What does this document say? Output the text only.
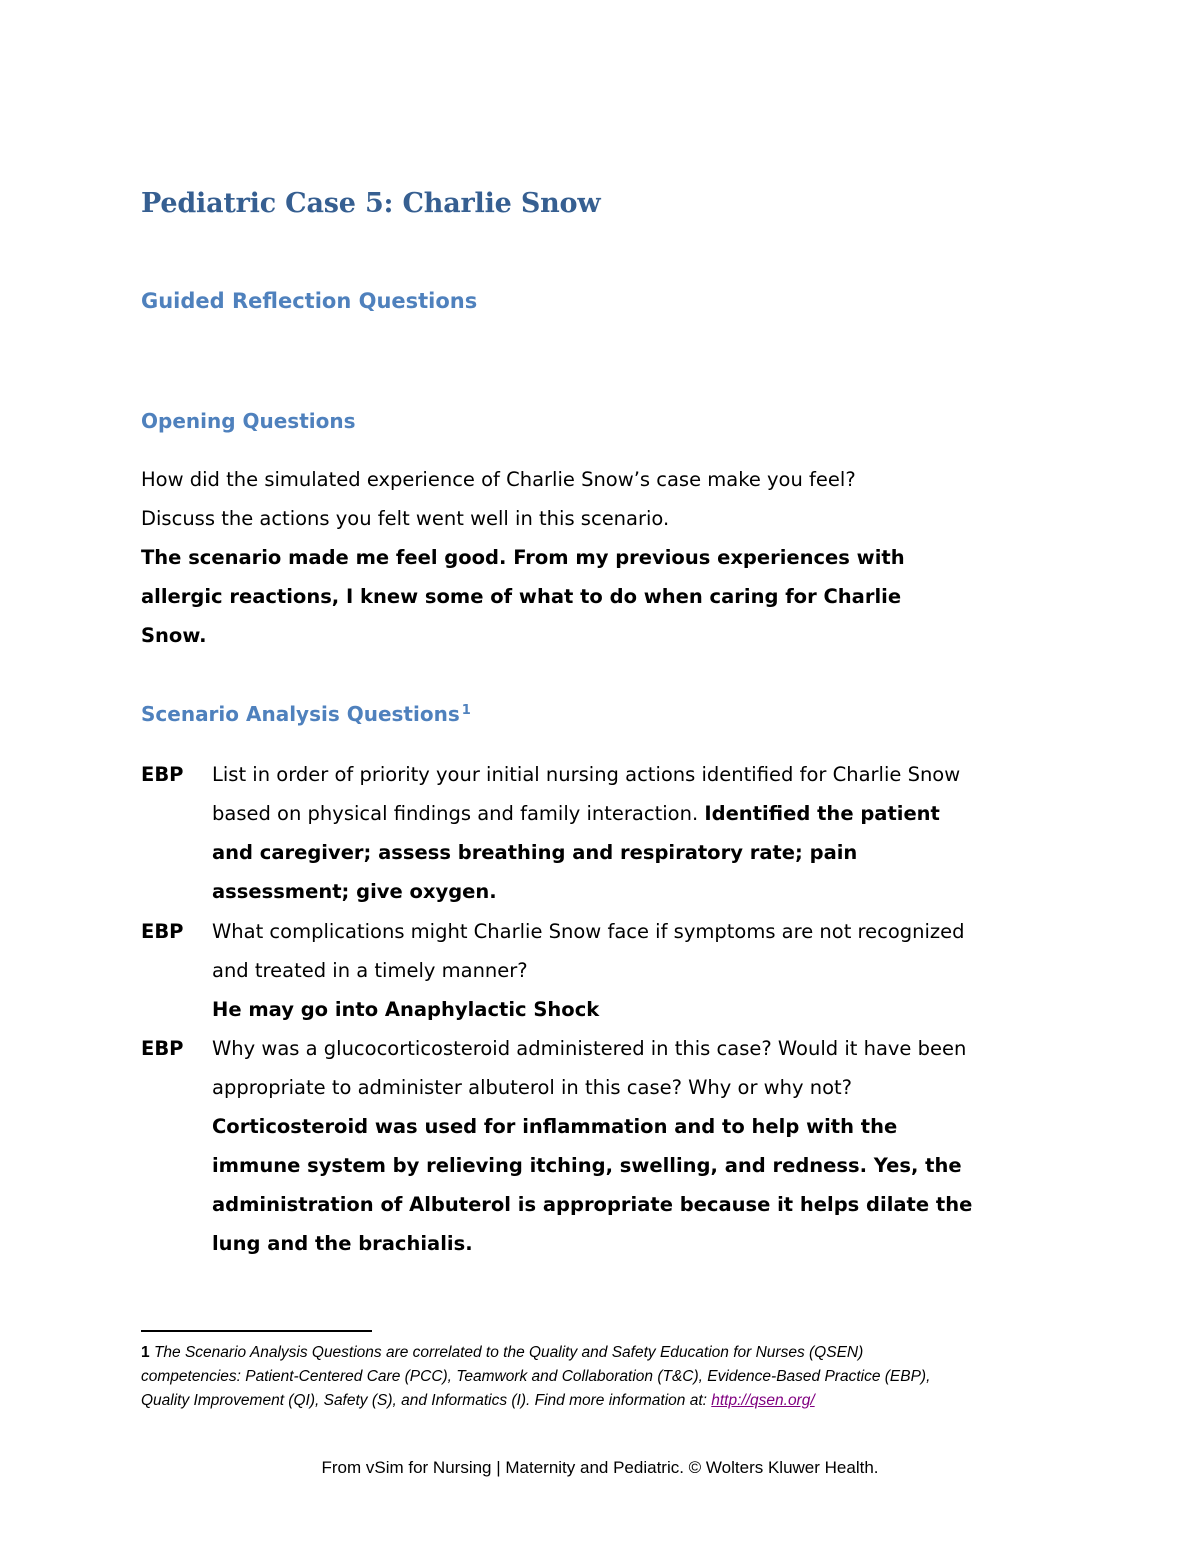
Pediatric Case 5: Charlie Snow
Guided Reflection Questions
Opening Questions
How did the simulated experience of Charlie Snow’s case make you feel?
Discuss the actions you felt went well in this scenario.
The scenario made me feel good. From my previous experiences with
allergic reactions, I knew some of what to do when caring for Charlie
Snow.
Scenario Analysis Questions $^1$
EBP List in order of priority your initial nursing actions identified for Charlie Snow
based on physical findings and family interaction. Identified the patient
and caregiver; assess breathing and respiratory rate; pain
assessment; give oxygen.
EBP What complications might Charlie Snow face if symptoms are not recognized
and treated in a timely manner?
He may go into Anaphylactic Shock
EBP Why was a glucocorticosteroid administered in this case? Would it have been
appropriate to administer albuterol in this case? Why or why not?
Corticosteroid was used for inflammation and to help with the
immune system by relieving itching, swelling, and redness. Yes, the
administration of Albuterol is appropriate because it helps dilate the
lung and the brachialis.
1 The Scenario Analysis Questions are correlated to the Quality and Safety Education for Nurses (QSEN)
competencies: Patient-Centered Care (PCC), Teamwork and Collaboration (T&C), Evidence-Based Practice (EBP),
Quality Improvement (QI), Safety (S), and Informatics (I). Find more information at: http://qsen.org/
From vSim for Nursing | Maternity and Pediatric. © Wolters Kluwer Health.
